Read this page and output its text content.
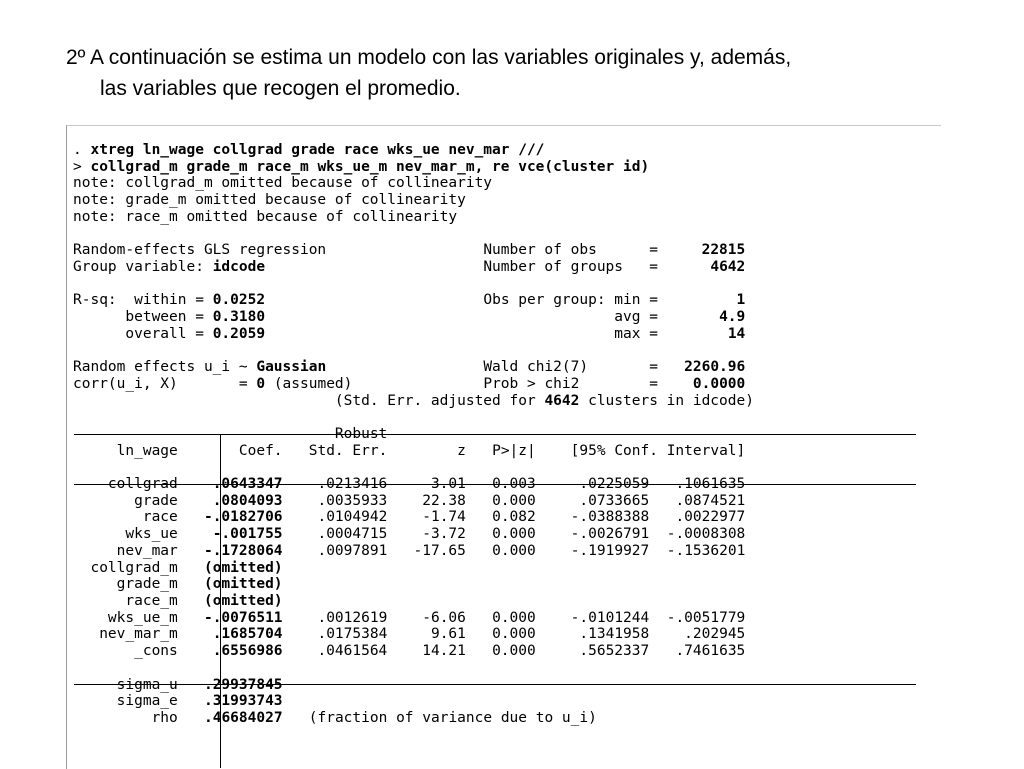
2º A continuación se estima un modelo con las variables originales y, además,
las variables que recogen el promedio.
. xtreg ln_wage collgrad grade race wks_ue nev_mar ///
> collgrad_m grade_m race_m wks_ue_m nev_mar_m, re vce(cluster id)
note: collgrad_m omitted because of collinearity
note: grade_m omitted because of collinearity
note: race_m omitted because of collinearity

Random-effects GLS regression	Number of obs	=	22815
Group variable: idcode	Number of groups =	4642

R-sq: within = 0.0252	Obs per group: min =	1
between = 0.3180	avg =	4.9
overall = 0.2059	max =	14

Random effects u_i ~ Gaussian	Wald chi2(7)	= 2260.96
corr(u_i, X)	= 0 (assumed)	Prob > chi2	= 0.0000
(Std. Err. adjusted for 4642 clusters in idcode)

Robust
ln_wage	Coef. Std. Err.	z P>|z| [95% Conf. Interval]

collgrad .0643347 .0213416	3.01 0.003	.0225059 .1061635
grade .0804093 .0035933 22.38 0.000	.0733665 .0874521
race -.0182706 .0104942 -1.74 0.082 -.0388388 .0022977
wks_ue -.001755 .0004715 -3.72 0.000 -.0026791 -.0008308
nev_mar -.1728064 .0097891 -17.65 0.000 -.1919927 -.1536201
collgrad_m (omitted)
grade_m (omitted)
race_m (omitted)
wks_ue_m -.0076511 .0012619 -6.06 0.000 -.0101244 -.0051779
nev_mar_m .1685704 .0175384	9.61 0.000	.1341958 .202945
_cons .6556986 .0461564 14.21 0.000	.5652337 .7461635

sigma_u .29937845
sigma_e .31993743
rho .46684027 (fraction of variance due to u_i)
